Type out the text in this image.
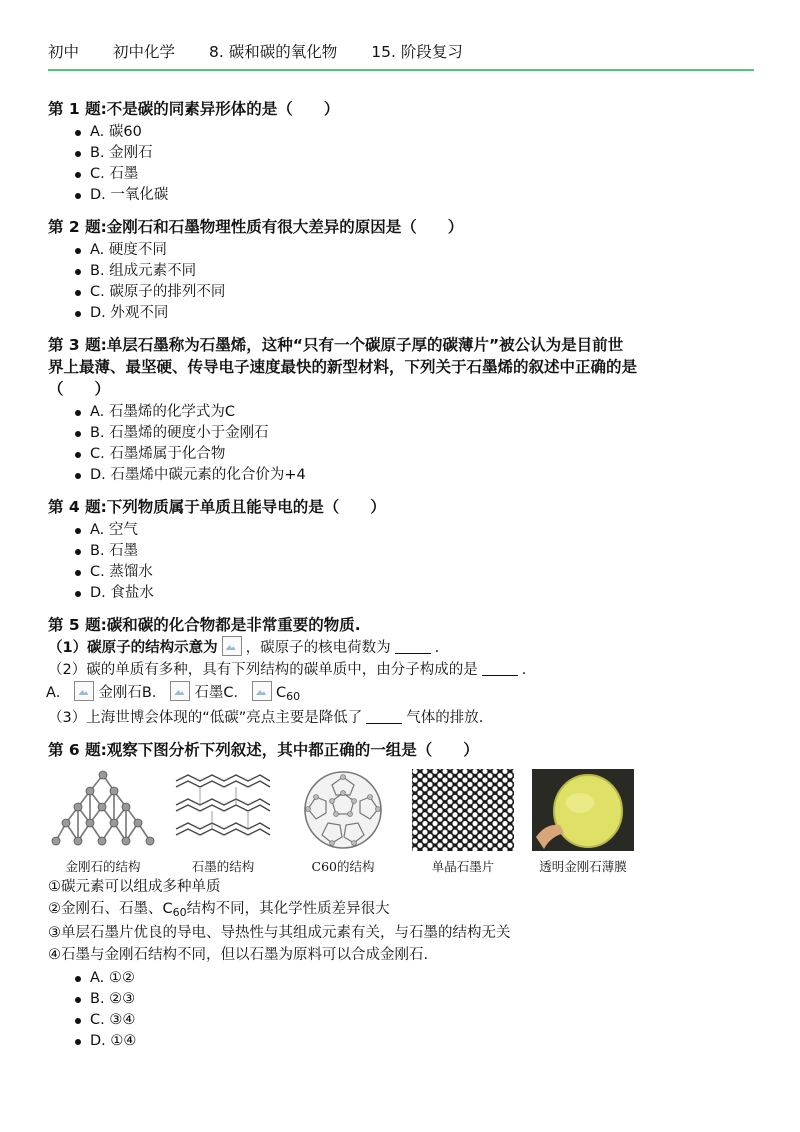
初中 初中化学 8. 碳和碳的氧化物 15. 阶段复习
第 1 题:不是碳的同素异形体的是（　　）
A. 碳60
B. 金刚石
C. 石墨
D. 一氧化碳
第 2 题:金刚石和石墨物理性质有很大差异的原因是（　　）
A. 硬度不同
B. 组成元素不同
C. 碳原子的排列不同
D. 外观不同
第 3 题:单层石墨称为石墨烯，这种“只有一个碳原子厚的碳薄片”被公认为是目前世
界上最薄、最坚硬、传导电子速度最快的新型材料，下列关于石墨烯的叙述中正确的是
（　　）
A. 石墨烯的化学式为C
B. 石墨烯的硬度小于金刚石
C. 石墨烯属于化合物
D. 石墨烯中碳元素的化合价为+4
第 4 题:下列物质属于单质且能导电的是（　　）
A. 空气
B. 石墨
C. 蒸馏水
D. 食盐水
第 5 题:碳和碳的化合物都是非常重要的物质.
（1）碳原子的结构示意为 ，碳原子的核电荷数为	.
（2）碳的单质有多种，具有下列结构的碳单质中，由分子构成的是	.
A． 金刚石B． 石墨C． $C_{60}$
（3）上海世博会体现的“低碳”亮点主要是降低了	气体的排放.
第 6 题:观察下图分析下列叙述，其中都正确的一组是（　　）
金刚石的结构	石墨的结构	C60的结构	单晶石墨片	透明金刚石薄膜
①碳元素可以组成多种单质
②金刚石、石墨、$C_{60}$结构不同，其化学性质差异很大
③单层石墨片优良的导电、导热性与其组成元素有关，与石墨的结构无关
④石墨与金刚石结构不同，但以石墨为原料可以合成金刚石.
A. ①②
B. ②③
C. ③④
D. ①④
